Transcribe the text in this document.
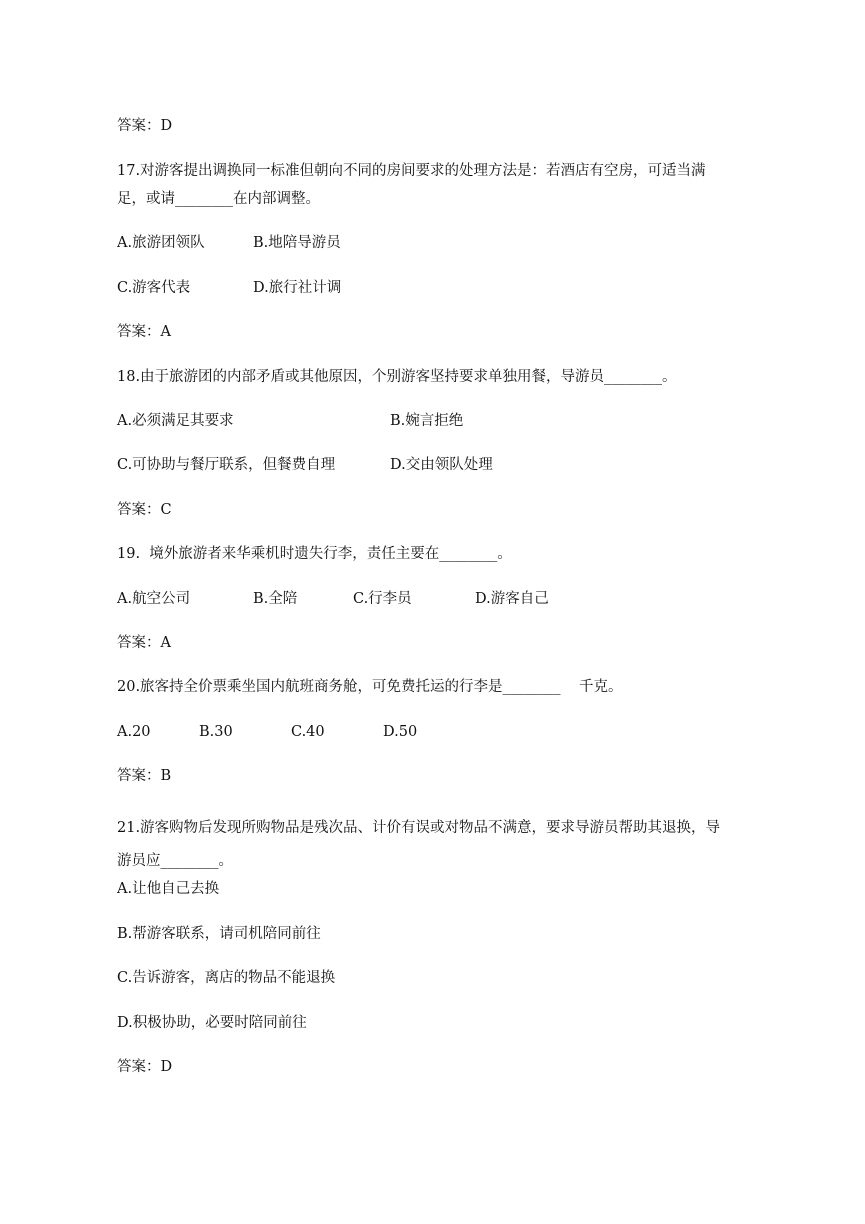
答案：D
17.对游客提出调换同一标准但朝向不同的房间要求的处理方法是：若酒店有空房，可适当满
足，或请________在内部调整。
A.旅游团领队	B.地陪导游员
C.游客代表	D.旅行社计调
答案：A
18.由于旅游团的内部矛盾或其他原因，个别游客坚持要求单独用餐，导游员________。
A.必须满足其要求	B.婉言拒绝
C.可协助与餐厅联系，但餐费自理	D.交由领队处理
答案：C
19.  境外旅游者来华乘机时遗失行李，责任主要在________。
A.航空公司	B.全陪	C.行李员	D.游客自己
答案：A
20.旅客持全价票乘坐国内航班商务舱，可免费托运的行李是________    千克。
A.20	B.30	C.40	D.50
答案：B
21.游客购物后发现所购物品是残次品、计价有误或对物品不满意，要求导游员帮助其退换，导
游员应________。
A.让他自己去换
B.帮游客联系，请司机陪同前往
C.告诉游客，离店的物品不能退换
D.积极协助，必要时陪同前往
答案：D
